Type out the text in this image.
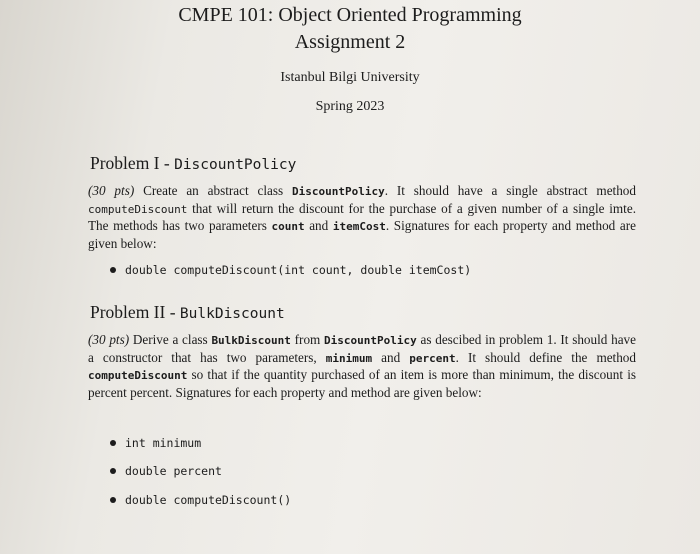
CMPE 101: Object Oriented Programming
Assignment 2
Istanbul Bilgi University
Spring 2023
Problem I - DiscountPolicy
(30 pts) Create an abstract class DiscountPolicy. It should have a single abstract method computeDiscount that will return the discount for the purchase of a given number of a single imte. The methods has two parameters count and itemCost. Signatures for each property and method are given below:
double computeDiscount(int count, double itemCost)
Problem II - BulkDiscount
(30 pts) Derive a class BulkDiscount from DiscountPolicy as descibed in problem 1. It should have a constructor that has two parameters, minimum and percent. It should define the method computeDiscount so that if the quantity purchased of an item is more than minimum, the discount is percent percent. Signatures for each property and method are given below:
int minimum
double percent
double computeDiscount()
